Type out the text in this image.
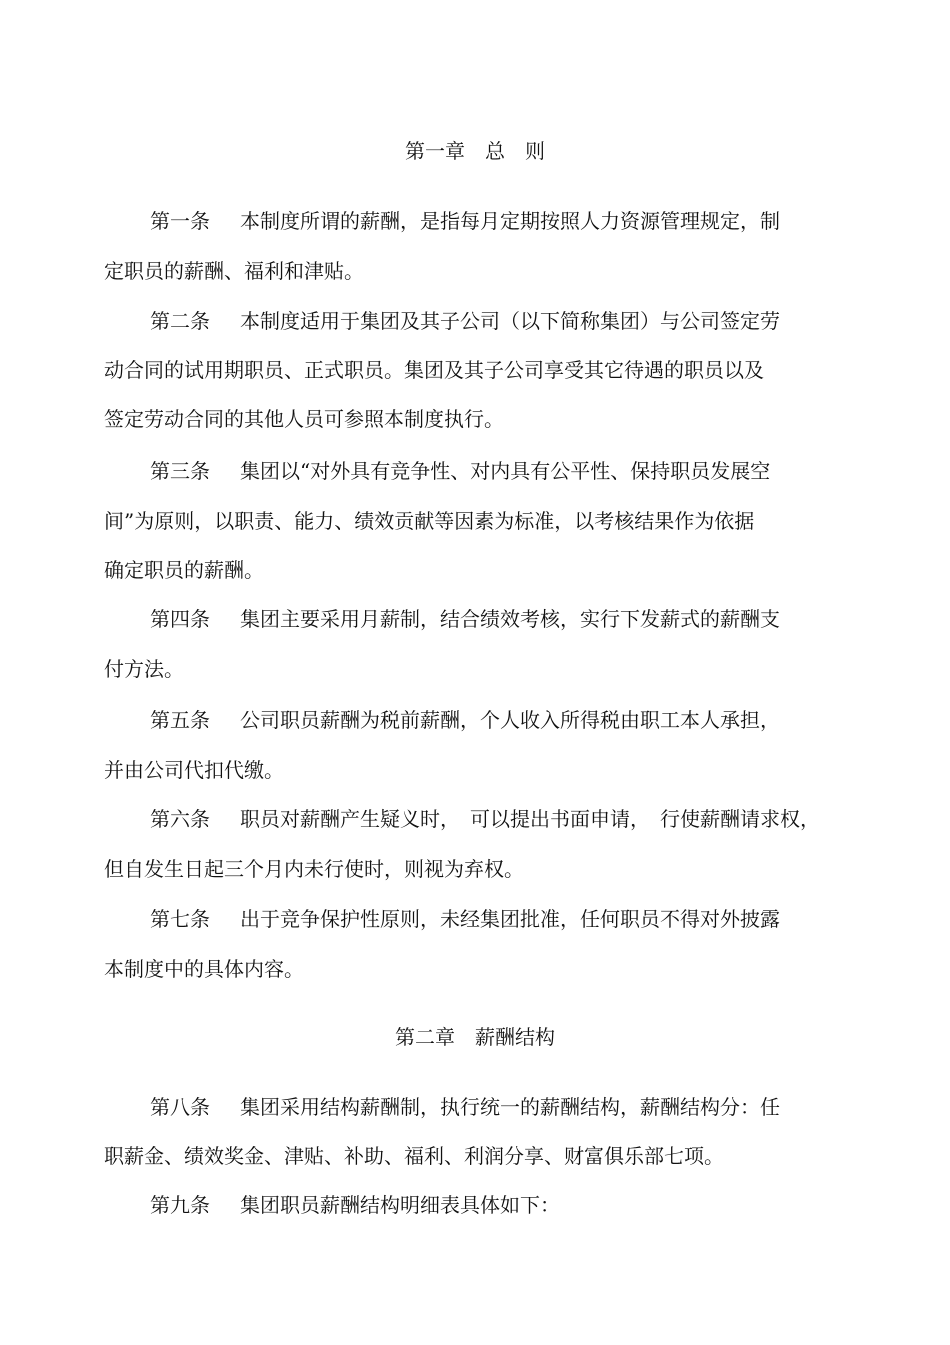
第一章　总　则
第一条 本制度所谓的薪酬，是指每月定期按照人力资源管理规定，制
定职员的薪酬、福利和津贴。
第二条 本制度适用于集团及其子公司（以下简称集团）与公司签定劳
动合同的试用期职员、正式职员。集团及其子公司享受其它待遇的职员以及
签定劳动合同的其他人员可参照本制度执行。
第三条 集团以“对外具有竞争性、对内具有公平性、保持职员发展空
间”为原则，以职责、能力、绩效贡献等因素为标准，以考核结果作为依据
确定职员的薪酬。
第四条 集团主要采用月薪制，结合绩效考核，实行下发薪式的薪酬支
付方法。
第五条 公司职员薪酬为税前薪酬，个人收入所得税由职工本人承担，
并由公司代扣代缴。
第六条 职员对薪酬产生疑义时，　可以提出书面申请，　行使薪酬请求权，
但自发生日起三个月内未行使时，则视为弃权。
第七条 出于竞争保护性原则，未经集团批准，任何职员不得对外披露
本制度中的具体内容。
第二章　薪酬结构
第八条 集团采用结构薪酬制，执行统一的薪酬结构，薪酬结构分：任
职薪金、绩效奖金、津贴、补助、福利、利润分享、财富俱乐部七项。
第九条 集团职员薪酬结构明细表具体如下：
